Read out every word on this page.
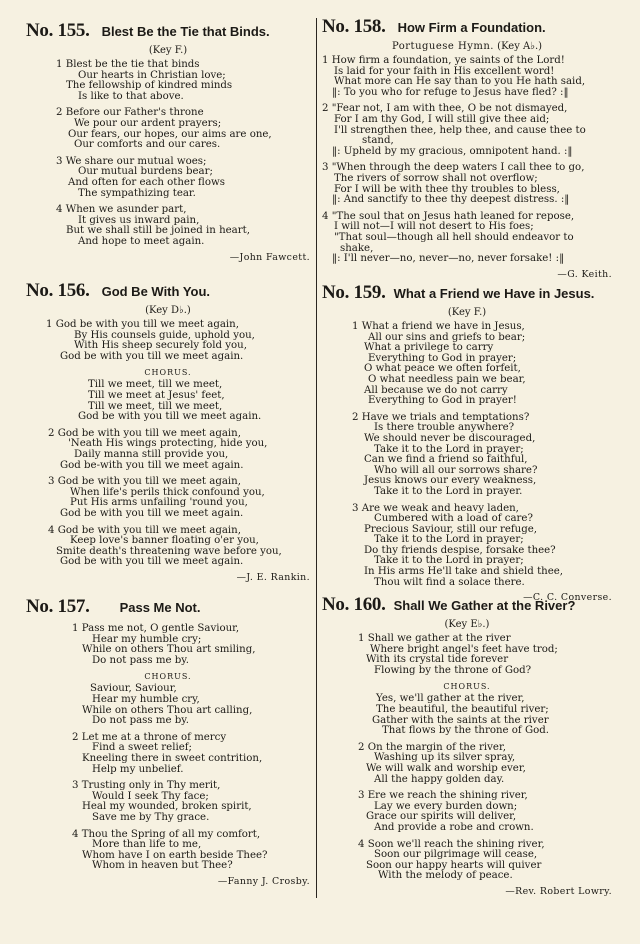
No. 155. Blest Be the Tie that Binds.
(Key F.)
1 Blest be the tie that binds
Our hearts in Christian love;
The fellowship of kindred minds
Is like to that above.
2 Before our Father's throne
We pour our ardent prayers;
Our fears, our hopes, our aims are one,
Our comforts and our cares.
3 We share our mutual woes;
Our mutual burdens bear;
And often for each other flows
The sympathizing tear.
4 When we asunder part,
It gives us inward pain,
But we shall still be joined in heart,
And hope to meet again.
—John Fawcett.
No. 156. God Be With You.
(Key D♭.)
1 God be with you till we meet again,
By His counsels guide, uphold you,
With His sheep securely fold you,
God be with you till we meet again.
CHORUS.
Till we meet, till we meet,
Till we meet at Jesus' feet,
Till we meet, till we meet,
God be with you till we meet again.
2 God be with you till we meet again,
'Neath His wings protecting, hide you,
Daily manna still provide you,
God be-with you till we meet again.
3 God be with you till we meet again,
When life's perils thick confound you,
Put His arms unfailing 'round you,
God be with you till we meet again.
4 God be with you till we meet again,
Keep love's banner floating o'er you,
Smite death's threatening wave before you,
God be with you till we meet again.
—J. E. Rankin.
No. 157. Pass Me Not.
1 Pass me not, O gentle Saviour,
Hear my humble cry;
While on others Thou art smiling,
Do not pass me by.
CHORUS.
Saviour, Saviour,
Hear my humble cry,
While on others Thou art calling,
Do not pass me by.
2 Let me at a throne of mercy
Find a sweet relief;
Kneeling there in sweet contrition,
Help my unbelief.
3 Trusting only in Thy merit,
Would I seek Thy face;
Heal my wounded, broken spirit,
Save me by Thy grace.
4 Thou the Spring of all my comfort,
More than life to me,
Whom have I on earth beside Thee?
Whom in heaven but Thee?
—Fanny J. Crosby.
No. 158. How Firm a Foundation.
Portuguese Hymn. (Key A♭.)
1 How firm a foundation, ye saints of the Lord!
Is laid for your faith in His excellent word!
What more can He say than to you He hath said,
‖: To you who for refuge to Jesus have fled? :‖
2 "Fear not, I am with thee, O be not dismayed,
For I am thy God, I will still give thee aid;
I'll strengthen thee, help thee, and cause thee to
stand,
‖: Upheld by my gracious, omnipotent hand. :‖
3 "When through the deep waters I call thee to go,
The rivers of sorrow shall not overflow;
For I will be with thee thy troubles to bless,
‖: And sanctify to thee thy deepest distress. :‖
4 "The soul that on Jesus hath leaned for repose,
I will not—I will not desert to His foes;
"That soul—though all hell should endeavor to
shake,
‖: I'll never—no, never—no, never forsake! :‖
—G. Keith.
No. 159. What a Friend we Have in Jesus.
(Key F.)
1 What a friend we have in Jesus,
All our sins and griefs to bear;
What a privilege to carry
Everything to God in prayer;
O what peace we often forfeit,
O what needless pain we bear,
All because we do not carry
Everything to God in prayer!
2 Have we trials and temptations?
Is there trouble anywhere?
We should never be discouraged,
Take it to the Lord in prayer;
Can we find a friend so faithful,
Who will all our sorrows share?
Jesus knows our every weakness,
Take it to the Lord in prayer.
3 Are we weak and heavy laden,
Cumbered with a load of care?
Precious Saviour, still our refuge,
Take it to the Lord in prayer;
Do thy friends despise, forsake thee?
Take it to the Lord in prayer;
In His arms He'll take and shield thee,
Thou wilt find a solace there.
—C. C. Converse.
No. 160. Shall We Gather at the River?
(Key E♭.)
1 Shall we gather at the river
Where bright angel's feet have trod;
With its crystal tide forever
Flowing by the throne of God?
CHORUS.
Yes, we'll gather at the river,
The beautiful, the beautiful river;
Gather with the saints at the river
That flows by the throne of God.
2 On the margin of the river,
Washing up its silver spray,
We will walk and worship ever,
All the happy golden day.
3 Ere we reach the shining river,
Lay we every burden down;
Grace our spirits will deliver,
And provide a robe and crown.
4 Soon we'll reach the shining river,
Soon our pilgrimage will cease,
Soon our happy hearts will quiver
With the melody of peace.
—Rev. Robert Lowry.
